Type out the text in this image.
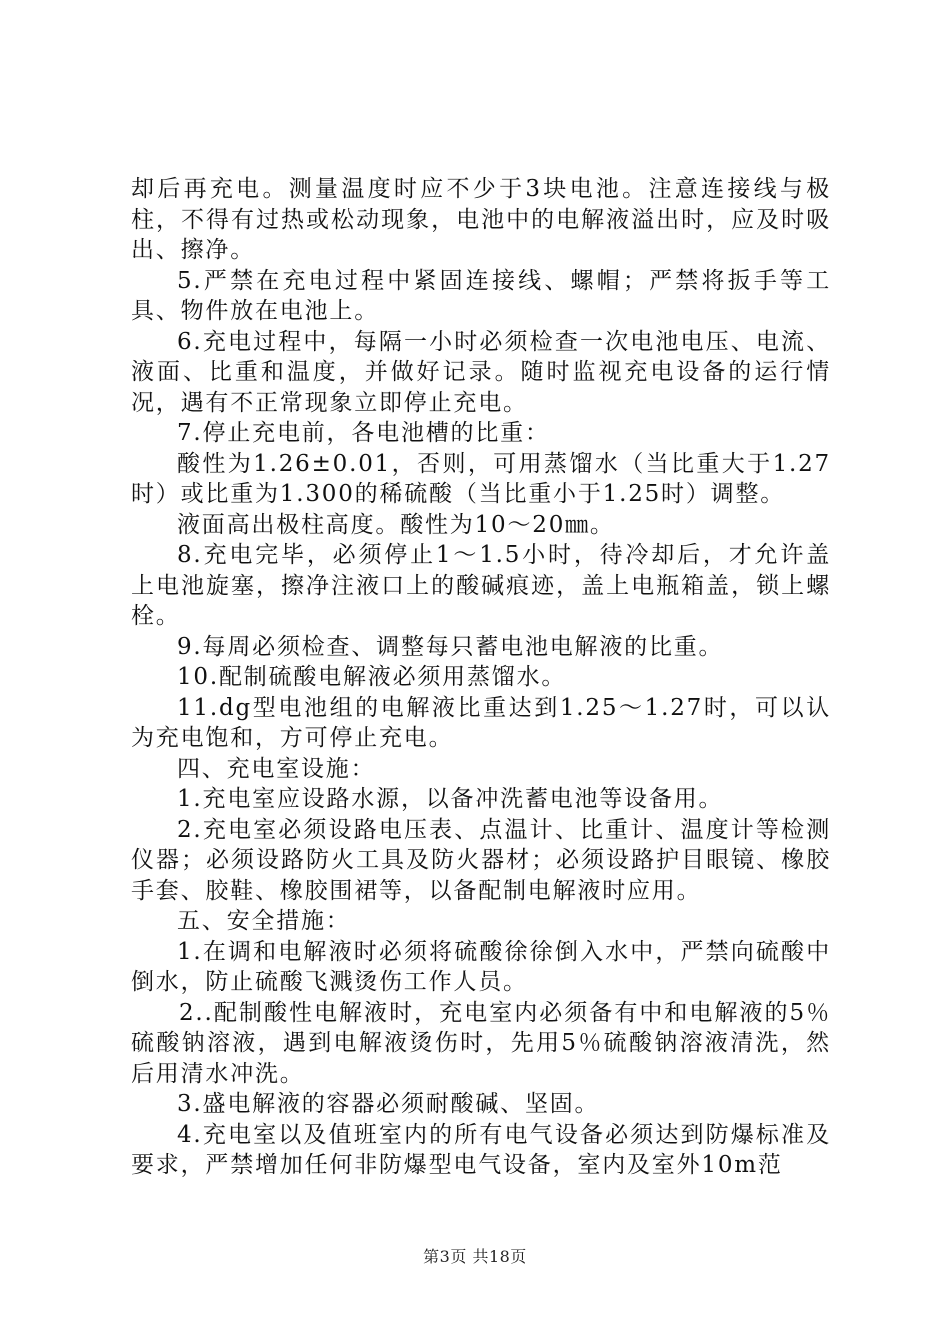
却后再充电。测量温度时应不少于3块电池。注意连接线与极柱，不得有过热或松动现象，电池中的电解液溢出时，应及时吸出、擦净。

5.严禁在充电过程中紧固连接线、螺帽；严禁将扳手等工具、物件放在电池上。

6.充电过程中，每隔一小时必须检查一次电池电压、电流、液面、比重和温度，并做好记录。随时监视充电设备的运行情况，遇有不正常现象立即停止充电。

7.停止充电前，各电池槽的比重：

酸性为1.26±0.01，否则，可用蒸馏水（当比重大于1.27时）或比重为1.300的稀硫酸（当比重小于1.25时）调整。

液面高出极柱高度。酸性为10～20㎜。

8.充电完毕，必须停止1～1.5小时，待冷却后，才允许盖上电池旋塞，擦净注液口上的酸碱痕迹，盖上电瓶箱盖，锁上螺栓。

9.每周必须检查、调整每只蓄电池电解液的比重。

10.配制硫酸电解液必须用蒸馏水。

11.dg型电池组的电解液比重达到1.25～1.27时，可以认为充电饱和，方可停止充电。

四、充电室设施：

1.充电室应设路水源，以备冲洗蓄电池等设备用。

2.充电室必须设路电压表、点温计、比重计、温度计等检测仪器；必须设路防火工具及防火器材；必须设路护目眼镜、橡胶手套、胶鞋、橡胶围裙等，以备配制电解液时应用。

五、安全措施：

1.在调和电解液时必须将硫酸徐徐倒入水中，严禁向硫酸中倒水，防止硫酸飞溅烫伤工作人员。

2..配制酸性电解液时，充电室内必须备有中和电解液的5％硫酸钠溶液，遇到电解液烫伤时，先用5％硫酸钠溶液清洗，然后用清水冲洗。

3.盛电解液的容器必须耐酸碱、坚固。

4.充电室以及值班室内的所有电气设备必须达到防爆标准及要求，严禁增加任何非防爆型电气设备，室内及室外10m范

第3页 共18页
